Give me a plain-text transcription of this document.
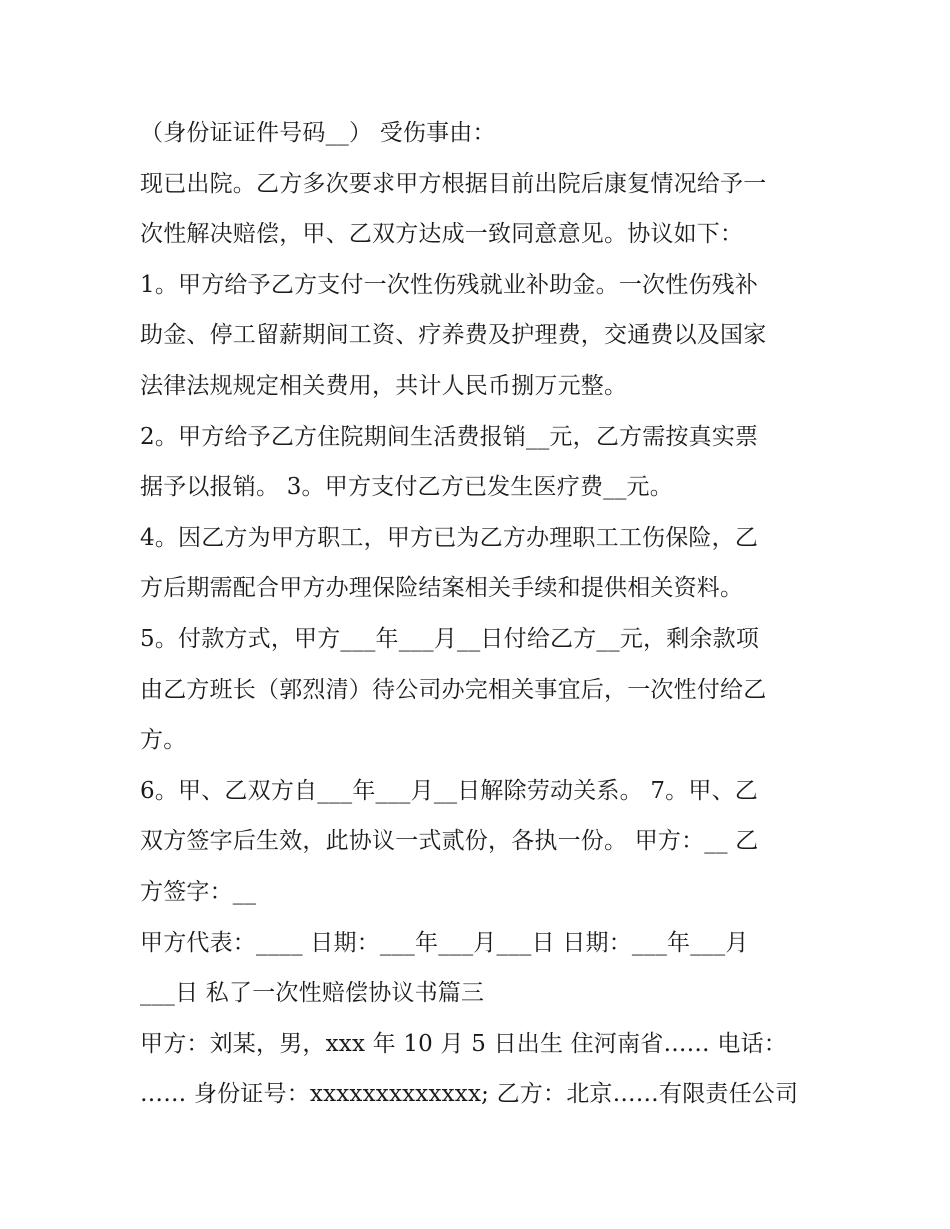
（身份证证件号码__） 受伤事由：
现已出院。乙方多次要求甲方根据目前出院后康复情况给予一
次性解决赔偿，甲、乙双方达成一致同意意见。协议如下：
1。甲方给予乙方支付一次性伤残就业补助金。一次性伤残补
助金、停工留薪期间工资、疗养费及护理费，交通费以及国家
法律法规规定相关费用，共计人民币捌万元整。
2。甲方给予乙方住院期间生活费报销__元，乙方需按真实票
据予以报销。 3。甲方支付乙方已发生医疗费__元。
4。因乙方为甲方职工，甲方已为乙方办理职工工伤保险，乙
方后期需配合甲方办理保险结案相关手续和提供相关资料。
5。付款方式，甲方___年___月__日付给乙方__元，剩余款项
由乙方班长（郭烈清）待公司办完相关事宜后，一次性付给乙
方。
6。甲、乙双方自___年___月__日解除劳动关系。 7。甲、乙
双方签字后生效，此协议一式贰份，各执一份。 甲方：__ 乙
方签字：__
甲方代表：____ 日期：___年___月___日 日期：___年___月
___日 私了一次性赔偿协议书篇三
甲方：刘某，男，xxx 年 10 月 5 日出生 住河南省…… 电话：
…… 身份证号：xxxxxxxxxxxxx; 乙方：北京……有限责任公司
